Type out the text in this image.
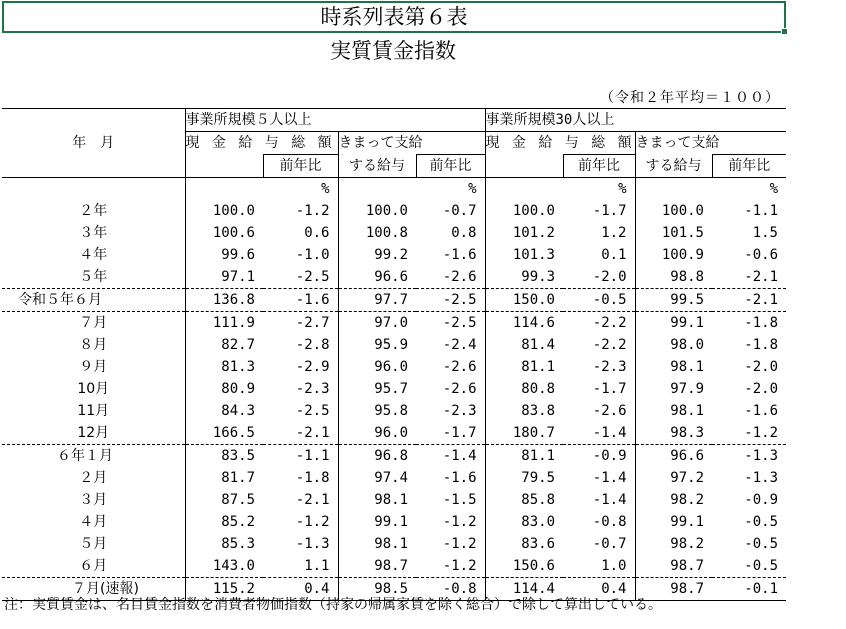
時系列表第６表
実質賃金指数
（令和２年平均＝１００）
年　月	事業所規模５人以上				事業所規模30人以上			
	現 金 給 与 総 額		きまって支給		現 金 給 与 総 額		きまって支給	
		前年比	する給与	前年比		前年比	する給与	前年比
		%		%		%		%
２年	100.0	-1.2	100.0	-0.7	100.0	-1.7	100.0	-1.1
３年	100.6	0.6	100.8	0.8	101.2	1.2	101.5	1.5
４年	99.6	-1.0	99.2	-1.6	101.3	0.1	100.9	-0.6
５年	97.1	-2.5	96.6	-2.6	99.3	-2.0	98.8	-2.1
令和５年６月	136.8	-1.6	97.7	-2.5	150.0	-0.5	99.5	-2.1
７月	111.9	-2.7	97.0	-2.5	114.6	-2.2	99.1	-1.8
８月	82.7	-2.8	95.9	-2.4	81.4	-2.2	98.0	-1.8
９月	81.3	-2.9	96.0	-2.6	81.1	-2.3	98.1	-2.0
10月	80.9	-2.3	95.7	-2.6	80.8	-1.7	97.9	-2.0
11月	84.3	-2.5	95.8	-2.3	83.8	-2.6	98.1	-1.6
12月	166.5	-2.1	96.0	-1.7	180.7	-1.4	98.3	-1.2
６年１月	83.5	-1.1	96.8	-1.4	81.1	-0.9	96.6	-1.3
２月	81.7	-1.8	97.4	-1.6	79.5	-1.4	97.2	-1.3
３月	87.5	-2.1	98.1	-1.5	85.8	-1.4	98.2	-0.9
４月	85.2	-1.2	99.1	-1.2	83.0	-0.8	99.1	-0.5
５月	85.3	-1.3	98.1	-1.2	83.6	-0.7	98.2	-0.5
６月	143.0	1.1	98.7	-1.2	150.6	1.0	98.7	-0.5
７月(速報)	115.2	0.4	98.5	-0.8	114.4	0.4	98.7	-0.1
注：実質賃金は、名目賃金指数を消費者物価指数（持家の帰属家賃を除く総合）で除して算出している。
